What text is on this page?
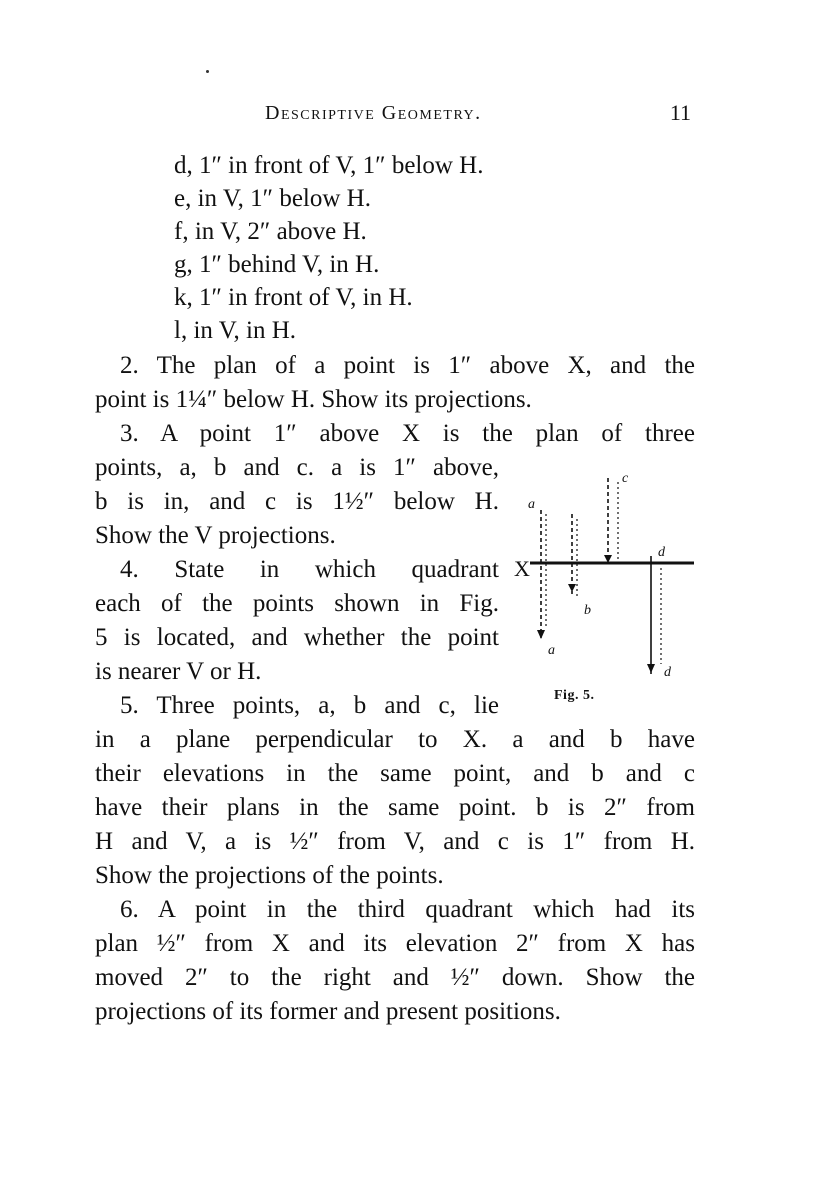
Descriptive Geometry.	11
d, 1″ in front of V, 1″ below H.
e, in V, 1″ below H.
f, in V, 2″ above H.
g, 1″ behind V, in H.
k, 1″ in front of V, in H.
l, in V, in H.
2. The plan of a point is 1″ above X, and the
point is 1¼″ below H. Show its projections.
3. A point 1″ above X is the plan of three
points, a, b and c. a is 1″ above,
b is in, and c is 1½″ below H.
Show the V projections.
4. State in which quadrant
each of the points shown in Fig.
5 is located, and whether the point
is nearer V or H.
5. Three points, a, b and c, lie
in a plane perpendicular to X. a and b have
their elevations in the same point, and b and c
have their plans in the same point. b is 2″ from
H and V, a is ½″ from V, and c is 1″ from H.
Show the projections of the points.
6. A point in the third quadrant which had its
plan ½″ from X and its elevation 2″ from X has
moved 2″ to the right and ½″ down. Show the
projections of its former and present positions.
X
a
a
b
c
d
d
Fig. 5.
